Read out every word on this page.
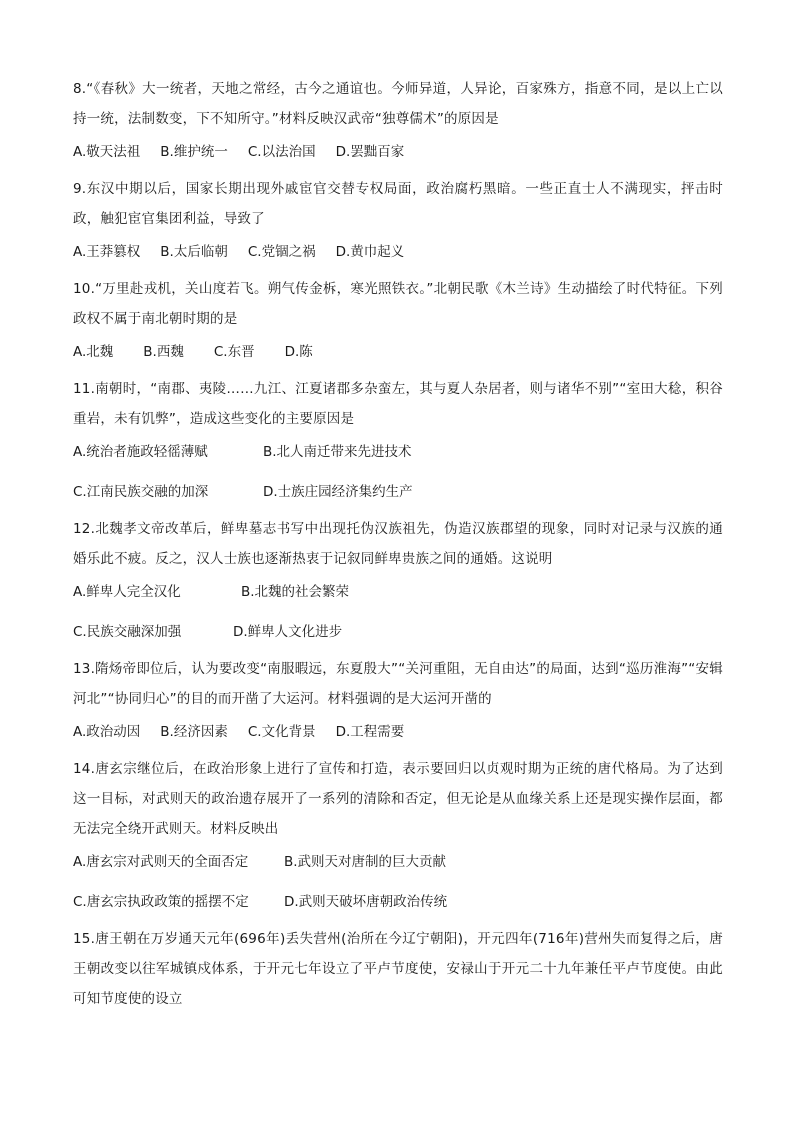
8.“《春秋》大一统者，天地之常经，古今之通谊也。今师异道，人异论，百家殊方，指意不同，是以上亡以持一统，法制数变，下不知所守。”材料反映汉武帝“独尊儒术”的原因是

A.敬天法祖 B.维护统一 C.以法治国 D.罢黜百家

9.东汉中期以后，国家长期出现外戚宦官交替专权局面，政治腐朽黑暗。一些正直士人不满现实，抨击时政，触犯宦官集团利益，导致了

A.王莽篡权 B.太后临朝 C.党锢之祸 D.黄巾起义

10.“万里赴戎机，关山度若飞。朔气传金柝，寒光照铁衣。”北朝民歌《木兰诗》生动描绘了时代特征。下列政权不属于南北朝时期的是

A.北魏 B.西魏 C.东晋 D.陈

11.南朝时，“南郡、夷陵……九江、江夏诸郡多杂蛮左，其与夏人杂居者，则与诸华不别”“室田大稔，积谷重岩，未有饥弊”，造成这些变化的主要原因是

A.统治者施政轻徭薄赋	B.北人南迁带来先进技术
C.江南民族交融的加深	D.士族庄园经济集约生产

12.北魏孝文帝改革后，鲜卑墓志书写中出现托伪汉族祖先，伪造汉族郡望的现象，同时对记录与汉族的通婚乐此不疲。反之，汉人士族也逐渐热衷于记叙同鲜卑贵族之间的通婚。这说明

A.鲜卑人完全汉化	B.北魏的社会繁荣
C.民族交融深加强	D.鲜卑人文化进步

13.隋炀帝即位后，认为要改变“南服暇远，东夏殷大”“关河重阻，无自由达”的局面，达到“巡历淮海”“安辑河北”“协同归心”的目的而开凿了大运河。材料强调的是大运河开凿的

A.政治动因 B.经济因素 C.文化背景 D.工程需要

14.唐玄宗继位后，在政治形象上进行了宣传和打造，表示要回归以贞观时期为正统的唐代格局。为了达到这一目标，对武则天的政治遗存展开了一系列的清除和否定，但无论是从血缘关系上还是现实操作层面，都无法完全绕开武则天。材料反映出

A.唐玄宗对武则天的全面否定	B.武则天对唐制的巨大贡献
C.唐玄宗执政政策的摇摆不定	D.武则天破坏唐朝政治传统

15.唐王朝在万岁通天元年(696年)丢失营州(治所在今辽宁朝阳)，开元四年(716年)营州失而复得之后，唐王朝改变以往军城镇戍体系，于开元七年设立了平卢节度使，安禄山于开元二十九年兼任平卢节度使。由此可知节度使的设立
